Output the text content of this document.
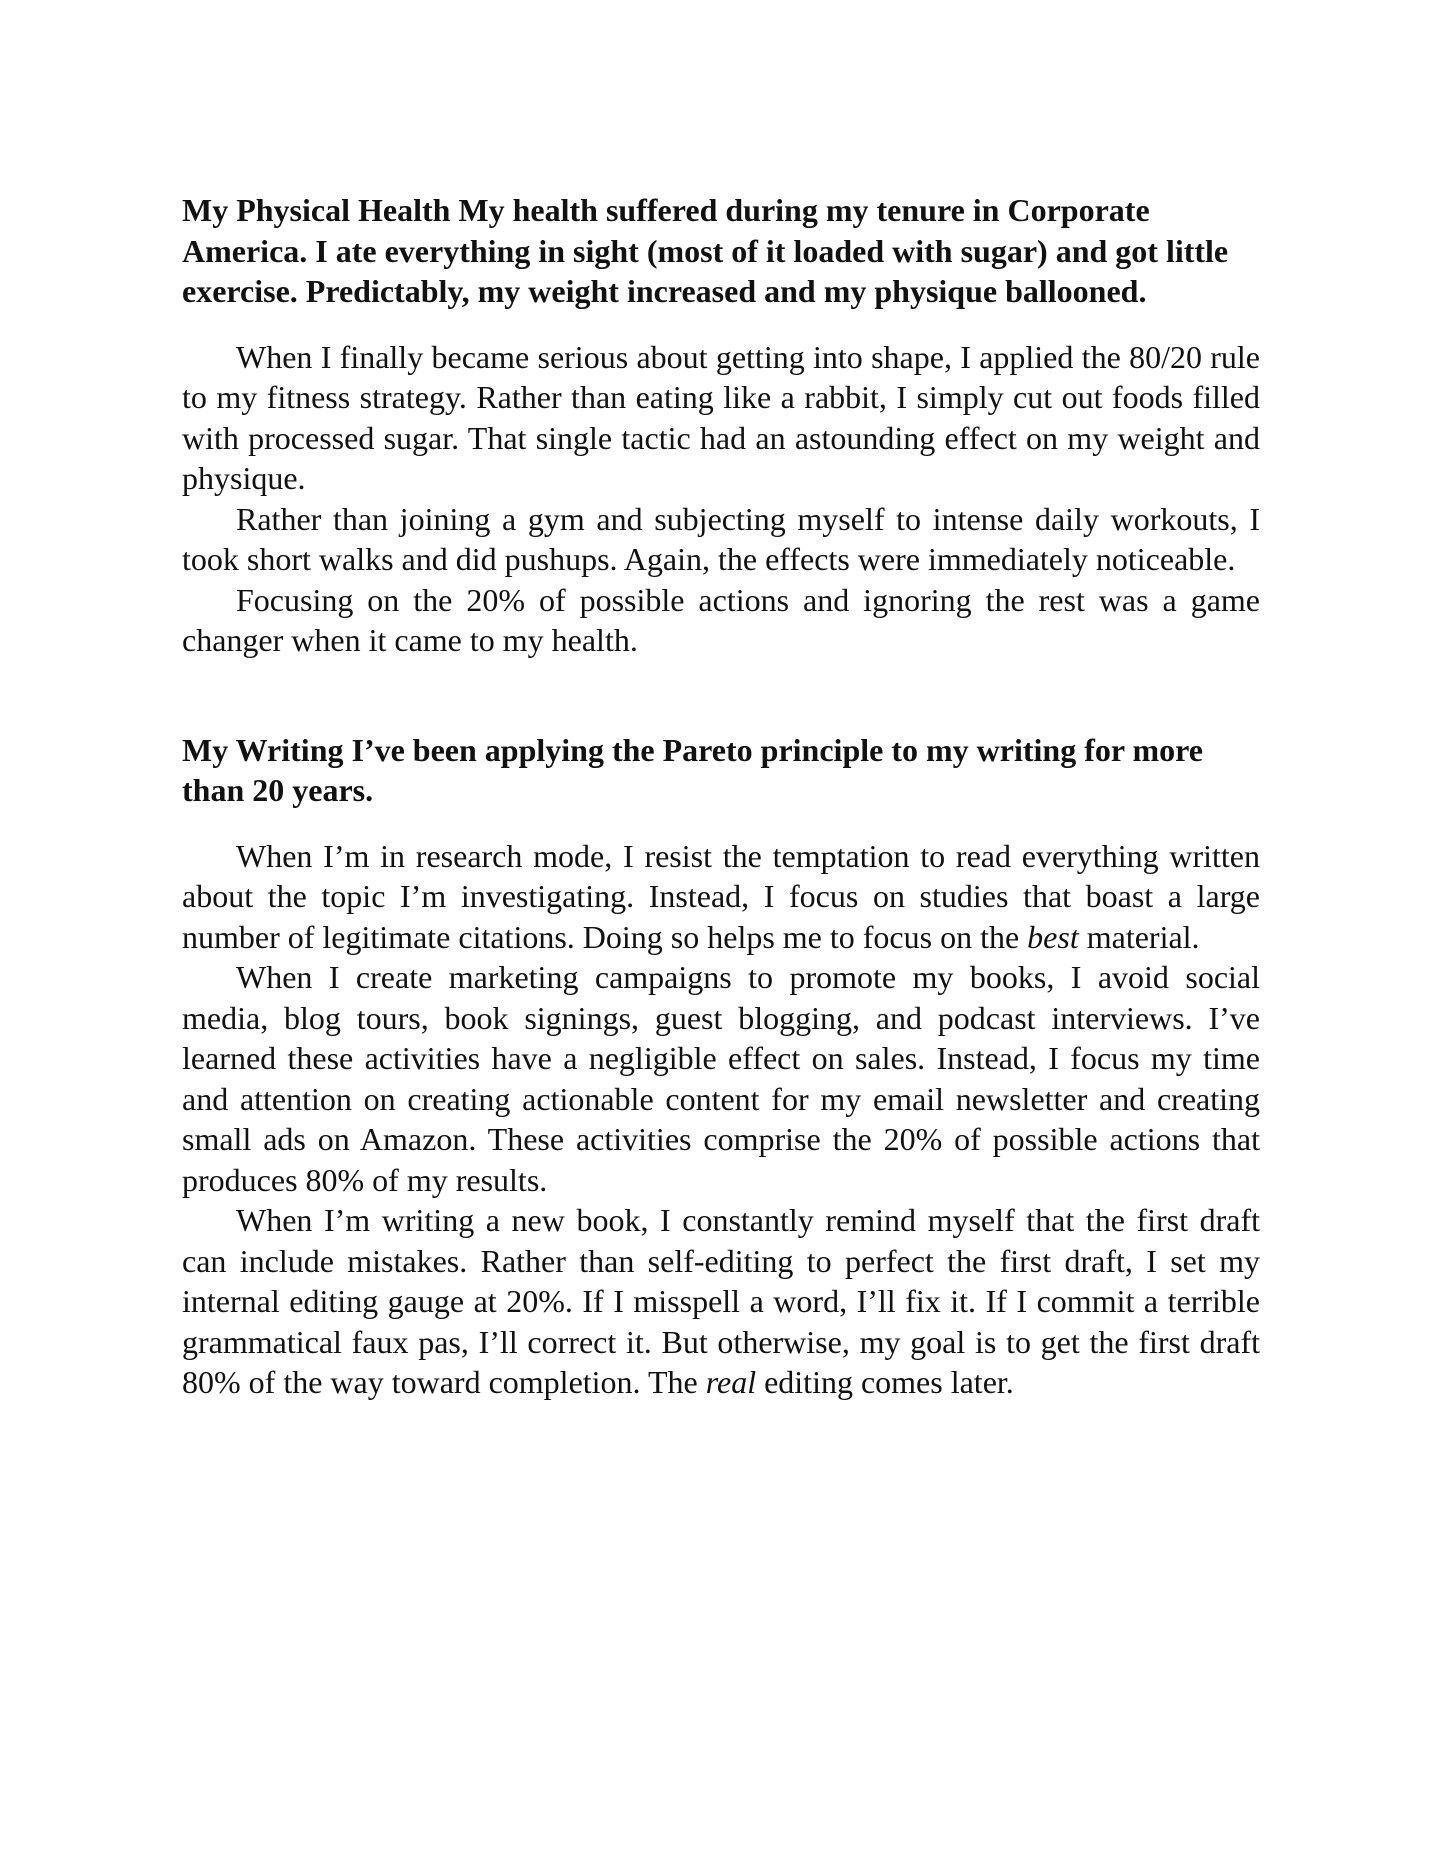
My Physical Health My health suffered during my tenure in Corporate America. I ate everything in sight (most of it loaded with sugar) and got little exercise. Predictably, my weight increased and my physique ballooned.

When I finally became serious about getting into shape, I applied the 80/20 rule to my fitness strategy. Rather than eating like a rabbit, I simply cut out foods filled with processed sugar. That single tactic had an astounding effect on my weight and physique.

Rather than joining a gym and subjecting myself to intense daily workouts, I took short walks and did pushups. Again, the effects were immediately noticeable.

Focusing on the 20% of possible actions and ignoring the rest was a game changer when it came to my health.

My Writing I’ve been applying the Pareto principle to my writing for more than 20 years.

When I’m in research mode, I resist the temptation to read everything written about the topic I’m investigating. Instead, I focus on studies that boast a large number of legitimate citations. Doing so helps me to focus on the best material.

When I create marketing campaigns to promote my books, I avoid social media, blog tours, book signings, guest blogging, and podcast interviews. I’ve learned these activities have a negligible effect on sales. Instead, I focus my time and attention on creating actionable content for my email newsletter and creating small ads on Amazon. These activities comprise the 20% of possible actions that produces 80% of my results.

When I’m writing a new book, I constantly remind myself that the first draft can include mistakes. Rather than self-editing to perfect the first draft, I set my internal editing gauge at 20%. If I misspell a word, I’ll fix it. If I commit a terrible grammatical faux pas, I’ll correct it. But otherwise, my goal is to get the first draft 80% of the way toward completion. The real editing comes later.
